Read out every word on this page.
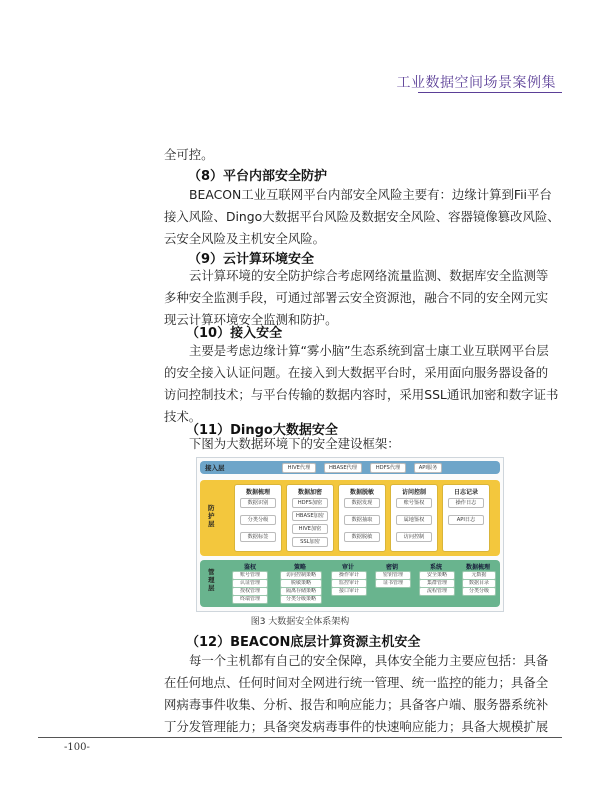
工业数据空间场景案例集

全可控。

（8）平台内部安全防护

BEACON工业互联网平台内部安全风险主要有：边缘计算到Fii平台接入风险、Dingo大数据平台风险及数据安全风险、容器镜像篡改风险、云安全风险及主机安全风险。

（9）云计算环境安全

云计算环境的安全防护综合考虑网络流量监测、数据库安全监测等多种安全监测手段，可通过部署云安全资源池，融合不同的安全网元实现云计算环境安全监测和防护。

（10）接入安全

主要是考虑边缘计算“雾小脑”生态系统到富士康工业互联网平台层的安全接入认证问题。在接入到大数据平台时，采用面向服务器设备的访问控制技术；与平台传输的数据内容时，采用SSL通讯加密和数字证书技术。

（11）Dingo大数据安全

下图为大数据环境下的安全建设框架：

接入层	HIVE代理	HBASE代理	HDFS代理	API服务
防护层
数据梳理
数据识别
分类分级
数据标签
数据加密
HDFS加密
HBASE加密
HIVE加密
SSL加密
数据脱敏
数据发现
数据抽取
数据脱敏
访问控制
账号鉴权
属地鉴权
访问控制
日志记录
操作日志
API日志
管理层
鉴权
账号管理
认证管理
授权管理
终端管理
策略
访问控制策略
脱敏策略
隔离存储策略
分类分级策略
审计
操作审计
监控审计
接口审计
密钥
密钥管理
证书管理
系统
安全策略
集群管理
流程管理
数据梳理
元数据
数据目录
分类分级
图3 大数据安全体系架构

（12）BEACON底层计算资源主机安全

每一个主机都有自己的安全保障，具体安全能力主要应包括：具备在任何地点、任何时间对全网进行统一管理、统一监控的能力；具备全网病毒事件收集、分析、报告和响应能力；具备客户端、服务器系统补丁分发管理能力；具备突发病毒事件的快速响应能力；具备大规模扩展

-100-
